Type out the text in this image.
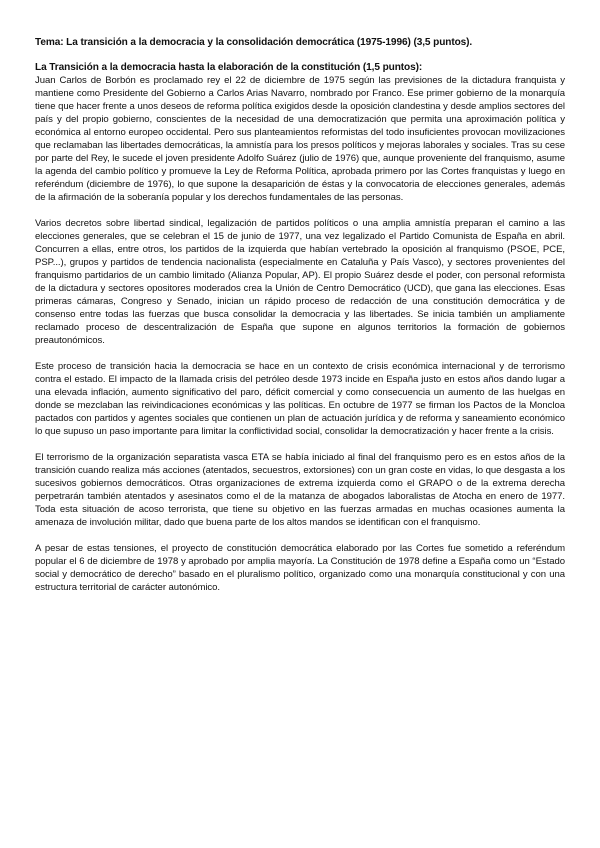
Tema: La transición a la democracia y la consolidación democrática (1975-1996) (3,5 puntos).

La Transición a la democracia hasta la elaboración de la constitución (1,5 puntos):

Juan Carlos de Borbón es proclamado rey el 22 de diciembre de 1975 según las previsiones de la dictadura franquista y mantiene como Presidente del Gobierno a Carlos Arias Navarro, nombrado por Franco. Ese primer gobierno de la monarquía tiene que hacer frente a unos deseos de reforma política exigidos desde la oposición clandestina y desde amplios sectores del país y del propio gobierno, conscientes de la necesidad de una democratización que permita una aproximación política y económica al entorno europeo occidental. Pero sus planteamientos reformistas del todo insuficientes provocan movilizaciones que reclamaban las libertades democráticas, la amnistía para los presos políticos y mejoras laborales y sociales. Tras su cese por parte del Rey, le sucede el joven presidente Adolfo Suárez (julio de 1976) que, aunque proveniente del franquismo, asume la agenda del cambio político y promueve la Ley de Reforma Política, aprobada primero por las Cortes franquistas y luego en referéndum (diciembre de 1976), lo que supone la desaparición de éstas y la convocatoria de elecciones generales, además de la afirmación de la soberanía popular y los derechos fundamentales de las personas.

Varios decretos sobre libertad sindical, legalización de partidos políticos o una amplia amnistía preparan el camino a las elecciones generales, que se celebran el 15 de junio de 1977, una vez legalizado el Partido Comunista de España en abril. Concurren a ellas, entre otros, los partidos de la izquierda que habían vertebrado la oposición al franquismo (PSOE, PCE, PSP...), grupos y partidos de tendencia nacionalista (especialmente en Cataluña y País Vasco), y sectores provenientes del franquismo partidarios de un cambio limitado (Alianza Popular, AP). El propio Suárez desde el poder, con personal reformista de la dictadura y sectores opositores moderados crea la Unión de Centro Democrático (UCD), que gana las elecciones. Esas primeras cámaras, Congreso y Senado, inician un rápido proceso de redacción de una constitución democrática y de consenso entre todas las fuerzas que busca consolidar la democracia y las libertades. Se inicia también un ampliamente reclamado proceso de descentralización de España que supone en algunos territorios la formación de gobiernos preautonómicos.

Este proceso de transición hacia la democracia se hace en un contexto de crisis económica internacional y de terrorismo contra el estado. El impacto de la llamada crisis del petróleo desde 1973 incide en España justo en estos años dando lugar a una elevada inflación, aumento significativo del paro, déficit comercial y como consecuencia un aumento de las huelgas en donde se mezclaban las reivindicaciones económicas y las políticas. En octubre de 1977 se firman los Pactos de la Moncloa pactados con partidos y agentes sociales que contienen un plan de actuación jurídica y de reforma y saneamiento económico lo que supuso un paso importante para limitar la conflictividad social, consolidar la democratización y hacer frente a la crisis.

El terrorismo de la organización separatista vasca ETA se había iniciado al final del franquismo pero es en estos años de la transición cuando realiza más acciones (atentados, secuestros, extorsiones) con un gran coste en vidas, lo que desgasta a los sucesivos gobiernos democráticos. Otras organizaciones de extrema izquierda como el GRAPO o de la extrema derecha perpetrarán también atentados y asesinatos como el de la matanza de abogados laboralistas de Atocha en enero de 1977. Toda esta situación de acoso terrorista, que tiene su objetivo en las fuerzas armadas en muchas ocasiones aumenta la amenaza de involución militar, dado que buena parte de los altos mandos se identifican con el franquismo.

A pesar de estas tensiones, el proyecto de constitución democrática elaborado por las Cortes fue sometido a referéndum popular el 6 de diciembre de 1978 y aprobado por amplia mayoría. La Constitución de 1978 define a España como un “Estado social y democrático de derecho” basado en el pluralismo político, organizado como una monarquía constitucional y con una estructura territorial de carácter autonómico.
